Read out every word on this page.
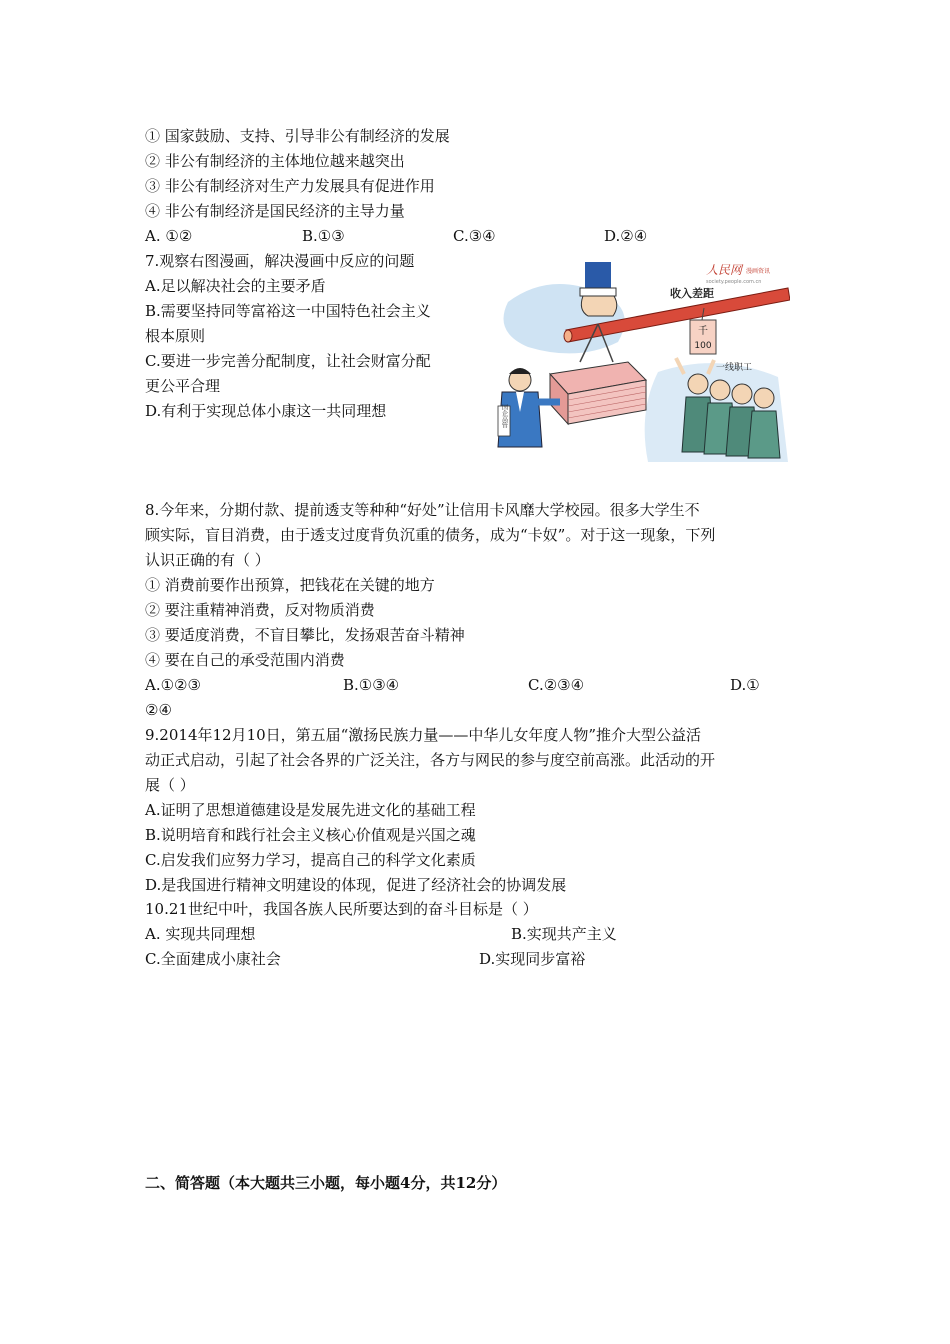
① 国家鼓励、支持、引导非公有制经济的发展
② 非公有制经济的主体地位越来越突出
③ 非公有制经济对生产力发展具有促进作用
④ 非公有制经济是国民经济的主导力量
A. ①②	B.①③	C.③④	D.②④
7.观察右图漫画，解决漫画中反应的问题
A.足以解决社会的主要矛盾
B.需要坚持同等富裕这一中国特色社会主义
根本原则
C.要进一步完善分配制度，让社会财富分配
更公平合理
D.有利于实现总体小康这一共同理想
收入差距
千
100
国企高管
一线职工
人民网 漫画资讯
society.people.com.cn
8.今年来，分期付款、提前透支等种种“好处”让信用卡风靡大学校园。很多大学生不
顾实际，盲目消费，由于透支过度背负沉重的债务，成为“卡奴”。对于这一现象，下列
认识正确的有（ ）
① 消费前要作出预算，把钱花在关键的地方
② 要注重精神消费，反对物质消费
③ 要适度消费，不盲目攀比，发扬艰苦奋斗精神
④ 要在自己的承受范围内消费
A.①②③	B.①③④	C.②③④	D.①
②④
9.2014年12月10日，第五届“激扬民族力量——中华儿女年度人物”推介大型公益活
动正式启动，引起了社会各界的广泛关注，各方与网民的参与度空前高涨。此活动的开
展（ ）
A.证明了思想道德建设是发展先进文化的基础工程
B.说明培育和践行社会主义核心价值观是兴国之魂
C.启发我们应努力学习，提高自己的科学文化素质
D.是我国进行精神文明建设的体现，促进了经济社会的协调发展
10.21世纪中叶，我国各族人民所要达到的奋斗目标是（ ）
A. 实现共同理想	B.实现共产主义
C.全面建成小康社会	D.实现同步富裕
二、简答题（本大题共三小题，每小题4分，共12分）
